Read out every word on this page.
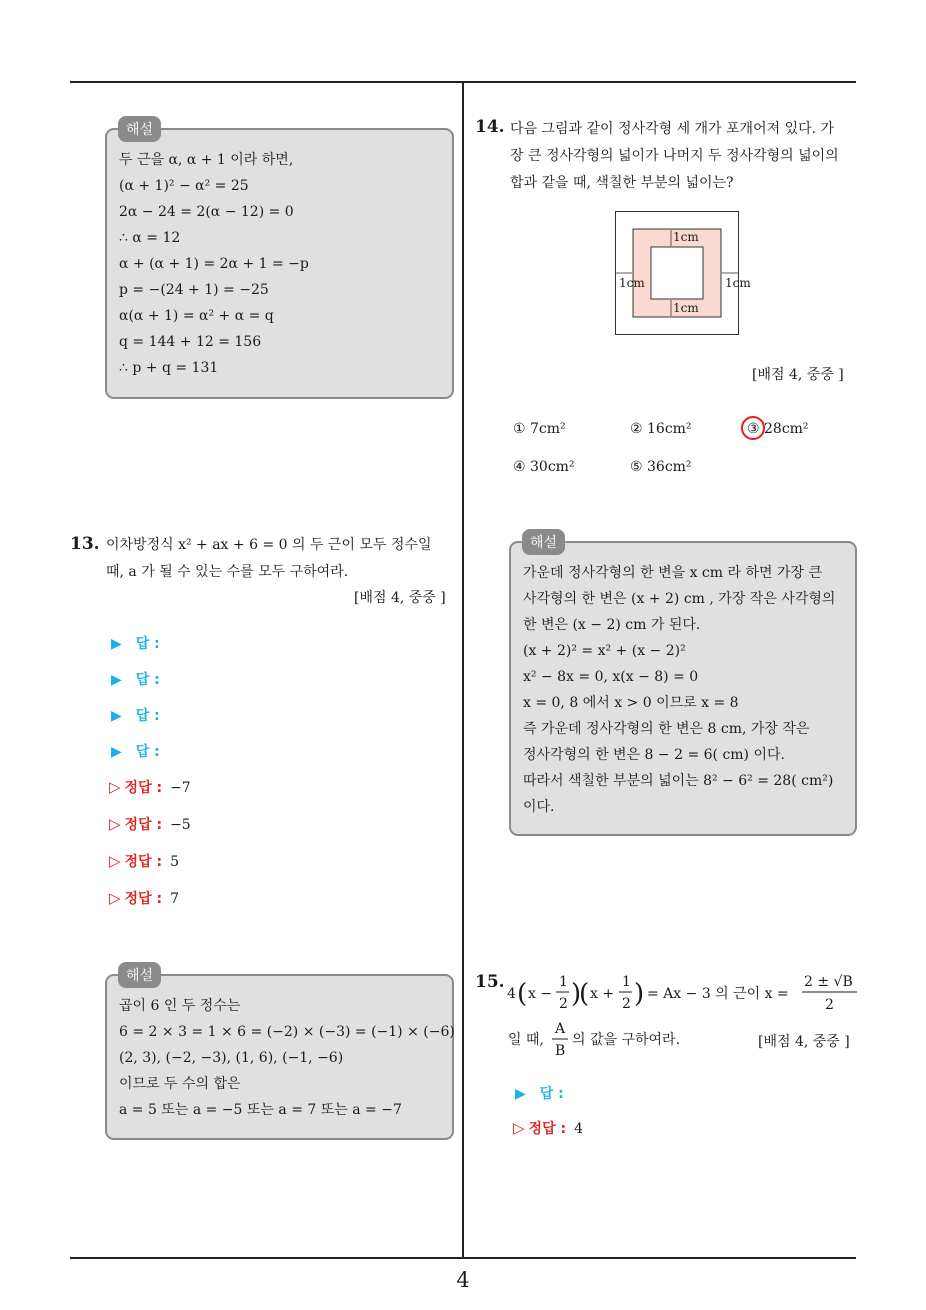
두 근을 α, α + 1 이라 하면,
(α + 1)² − α² = 25
2α − 24 = 2(α − 12) = 0
∴ α = 12
α + (α + 1) = 2α + 1 = −p
p = −(24 + 1) = −25
α(α + 1) = α² + α = q
q = 144 + 12 = 156
∴ p + q = 131
해설
13. 이차방정식 x² + ax + 6 = 0 의 두 근이 모두 정수일
때, a 가 될 수 있는 수를 모두 구하여라.
[배점 4, 중중 ]
▶ 답 :
▶ 답 :
▶ 답 :
▶ 답 :
▷ 정답 : −7
▷ 정답 : −5
▷ 정답 : 5
▷ 정답 : 7
곱이 6 인 두 정수는
6 = 2 × 3 = 1 × 6 = (−2) × (−3) = (−1) × (−6)
(2, 3), (−2, −3), (1, 6), (−1, −6)
이므로 두 수의 합은
a = 5 또는 a = −5 또는 a = 7 또는 a = −7
해설
14. 다음 그림과 같이 정사각형 세 개가 포개어져 있다. 가
장 큰 정사각형의 넓이가 나머지 두 정사각형의 넓이의
합과 같을 때, 색칠한 부분의 넓이는?
1cm
1cm
1cm	1cm
[배점 4, 중중 ]
① 7cm²	② 16cm²	③ 28cm²
④ 30cm²	⑤ 36cm²
가운데 정사각형의 한 변을 x cm 라 하면 가장 큰
사각형의 한 변은 (x + 2) cm , 가장 작은 사각형의
한 변은 (x − 2) cm 가 된다.
(x + 2)² = x² + (x − 2)²
x² − 8x = 0, x(x − 8) = 0
x = 0, 8 에서 x > 0 이므로 x = 8
즉 가운데 정사각형의 한 변은 8 cm, 가장 작은
정사각형의 한 변은 8 − 2 = 6( cm) 이다.
따라서 색칠한 부분의 넓이는 8² − 6² = 28( cm²)
이다.
해설
15.
4 ( x −
1
2 )
( x +
1
2 ) = Ax − 3 의 근이 x =
2 ± √B
2
일 때,
A
B
의 값을 구하여라.	[배점 4, 중중 ]
▶ 답 :
▷ 정답 : 4
4
